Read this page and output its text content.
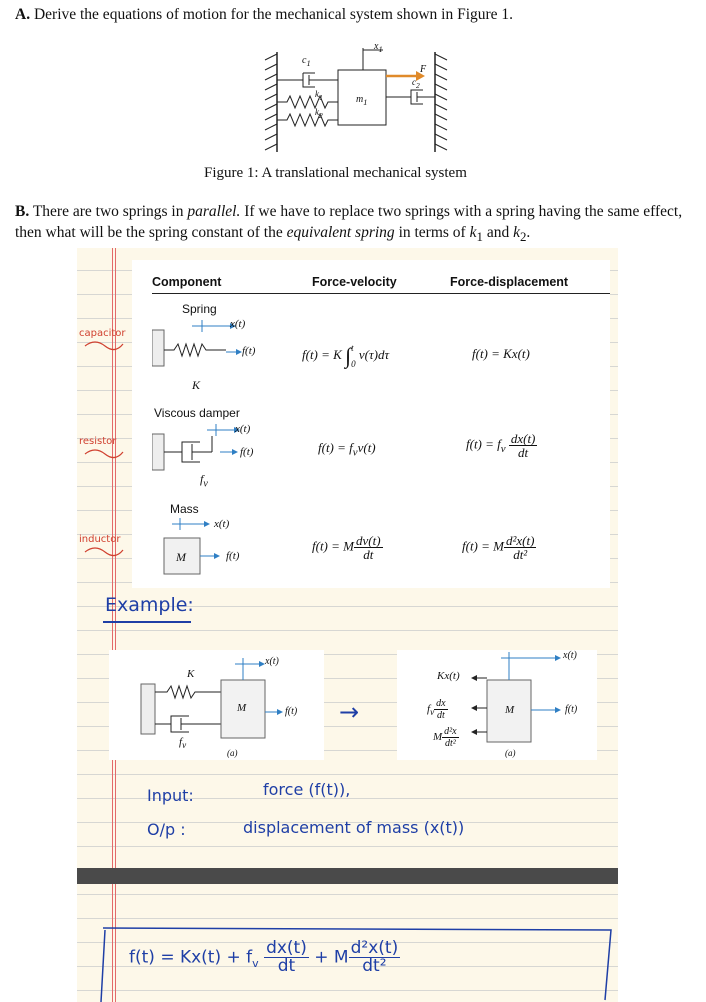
A. Derive the equations of motion for the mechanical system shown in Figure 1.
$c_1$
$x_1$
$k_1$
$k_2$
$m_1$
F
$c_2$
Figure 1: A translational mechanical system
B. There are two springs in parallel. If we have to replace two springs with a spring having the same effect, then what will be the spring constant of the equivalent spring in terms of $k_1$ and $k_2$.
Component	Force-velocity	Force-displacement
Spring
x(t)
f(t)
K
f(t) = K ∫ t
0
v(τ)dτ	f(t) = Kx(t)
Viscous damper
x(t)
f(t)
$f_v$
$f(t) = f_vv(t)$	$f(t) = f_v \frac{dx(t)}{dt}$
Mass
x(t)
f(t)
M
f(t) = M $\frac{dv(t)}{dt}$	f(t) = M $\frac{\text{d²x(t)}}{\text{dt²}}$
capacitor
resistor
inductor
Example:
K
M
$f_v$
x(t)
f(t)
(a)
→
Kx(t)
$f_v \frac{dx}{dt}$
M $\frac{\text{d²x}}{\text{dt²}}$
M
x(t)
f(t)
(a)
Input:	force (f(t)),
O/p :	displacement of mass (x(t))
$f(t) = Kx(t) + f_v \frac{dx(t)}{dt} + M \frac{\text{d²x(t)}}{\text{dt²}}$
